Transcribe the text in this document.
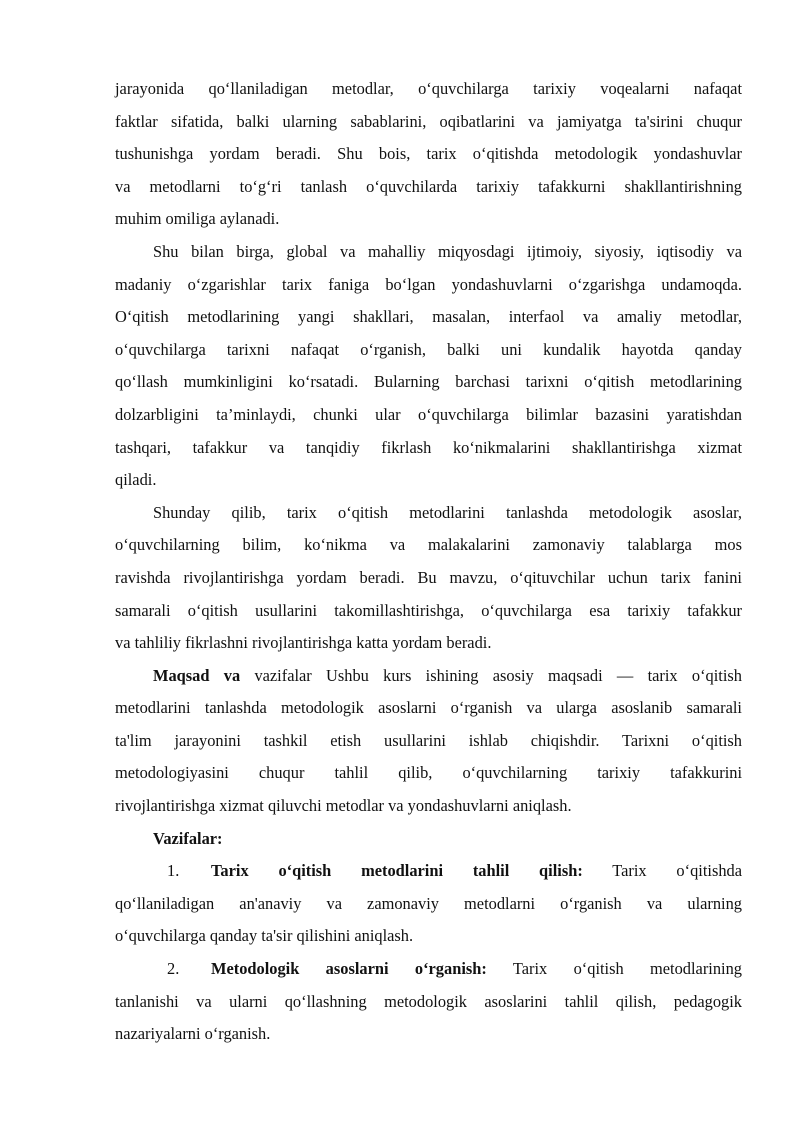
jarayonida qo‘llaniladigan metodlar, o‘quvchilarga tarixiy voqealarni nafaqat
faktlar sifatida, balki ularning sabablarini, oqibatlarini va jamiyatga ta'sirini chuqur
tushunishga yordam beradi. Shu bois, tarix o‘qitishda metodologik yondashuvlar
va metodlarni to‘g‘ri tanlash o‘quvchilarda tarixiy tafakkurni shakllantirishning
muhim omiliga aylanadi.
Shu bilan birga, global va mahalliy miqyosdagi ijtimoiy, siyosiy, iqtisodiy va
madaniy o‘zgarishlar tarix faniga bo‘lgan yondashuvlarni o‘zgarishga undamoqda.
O‘qitish metodlarining yangi shakllari, masalan, interfaol va amaliy metodlar,
o‘quvchilarga tarixni nafaqat o‘rganish, balki uni kundalik hayotda qanday
qo‘llash mumkinligini ko‘rsatadi. Bularning barchasi tarixni o‘qitish metodlarining
dolzarbligini ta’minlaydi, chunki ular o‘quvchilarga bilimlar bazasini yaratishdan
tashqari, tafakkur va tanqidiy fikrlash ko‘nikmalarini shakllantirishga xizmat
qiladi.
Shunday qilib, tarix o‘qitish metodlarini tanlashda metodologik asoslar,
o‘quvchilarning bilim, ko‘nikma va malakalarini zamonaviy talablarga mos
ravishda rivojlantirishga yordam beradi. Bu mavzu, o‘qituvchilar uchun tarix fanini
samarali o‘qitish usullarini takomillashtirishga, o‘quvchilarga esa tarixiy tafakkur
va tahliliy fikrlashni rivojlantirishga katta yordam beradi.
Maqsad va vazifalar Ushbu kurs ishining asosiy maqsadi — tarix o‘qitish
metodlarini tanlashda metodologik asoslarni o‘rganish va ularga asoslanib samarali
ta'lim jarayonini tashkil etish usullarini ishlab chiqishdir. Tarixni o‘qitish
metodologiyasini chuqur tahlil qilib, o‘quvchilarning tarixiy tafakkurini
rivojlantirishga xizmat qiluvchi metodlar va yondashuvlarni aniqlash.
Vazifalar:
1.	Tarix o‘qitish metodlarini tahlil qilish: Tarix o‘qitishda
qo‘llaniladigan an'anaviy va zamonaviy metodlarni o‘rganish va ularning
o‘quvchilarga qanday ta'sir qilishini aniqlash.
2.	Metodologik asoslarni o‘rganish: Tarix o‘qitish metodlarining
tanlanishi va ularni qo‘llashning metodologik asoslarini tahlil qilish, pedagogik
nazariyalarni o‘rganish.
